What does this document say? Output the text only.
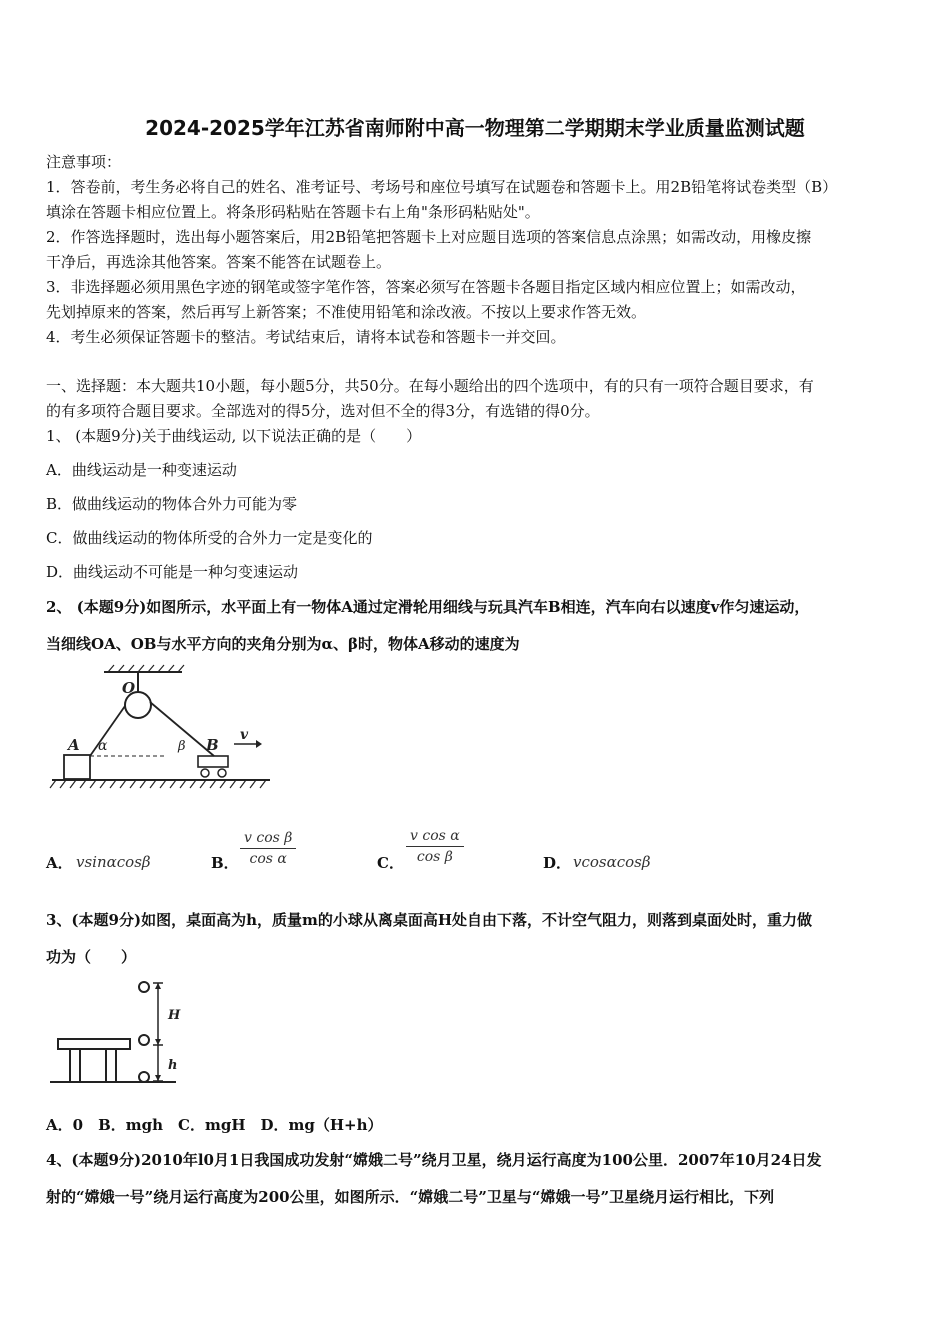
2024-2025学年江苏省南师附中高一物理第二学期期末学业质量监测试题
注意事项：
1．答卷前，考生务必将自己的姓名、准考证号、考场号和座位号填写在试题卷和答题卡上。用2B铅笔将试卷类型（B）
填涂在答题卡相应位置上。将条形码粘贴在答题卡右上角"条形码粘贴处"。
2．作答选择题时，选出每小题答案后，用2B铅笔把答题卡上对应题目选项的答案信息点涂黑；如需改动，用橡皮擦
干净后，再选涂其他答案。答案不能答在试题卷上。
3．非选择题必须用黑色字迹的钢笔或签字笔作答，答案必须写在答题卡各题目指定区域内相应位置上；如需改动，
先划掉原来的答案，然后再写上新答案；不准使用铅笔和涂改液。不按以上要求作答无效。
4．考生必须保证答题卡的整洁。考试结束后，请将本试卷和答题卡一并交回。
一、选择题：本大题共10小题，每小题5分，共50分。在每小题给出的四个选项中，有的只有一项符合题目要求，有
的有多项符合题目要求。全部选对的得5分，选对但不全的得3分，有选错的得0分。
1、 (本题9分)关于曲线运动, 以下说法正确的是（　　）
A．曲线运动是一种变速运动
B．做曲线运动的物体合外力可能为零
C．做曲线运动的物体所受的合外力一定是变化的
D．曲线运动不可能是一种匀变速运动
2、 (本题9分)如图所示，水平面上有一物体A通过定滑轮用细线与玩具汽车B相连，汽车向右以速度v作匀速运动，
当细线OA、OB与水平方向的夹角分别为α、β时，物体A移动的速度为
O
A α	β B
v
A． vsinαcosβ	B． $\frac{\text{v cos β}}{\text{cos α}}$	C． $\frac{\text{v cos α}}{\text{cos β}}$	D． vcosαcosβ
3、(本题9分)如图，桌面高为h，质量m的小球从离桌面高H处自由下落，不计空气阻力，则落到桌面处时，重力做
功为（　　）
H
h
A．0　B．mgh　C．mgH　D．mg（H+h）
4、(本题9分)2010年l0月1日我国成功发射“嫦娥二号”绕月卫星，绕月运行高度为100公里．2007年10月24日发
射的“嫦娥一号”绕月运行高度为200公里，如图所示．“嫦娥二号”卫星与“嫦娥一号”卫星绕月运行相比，下列
